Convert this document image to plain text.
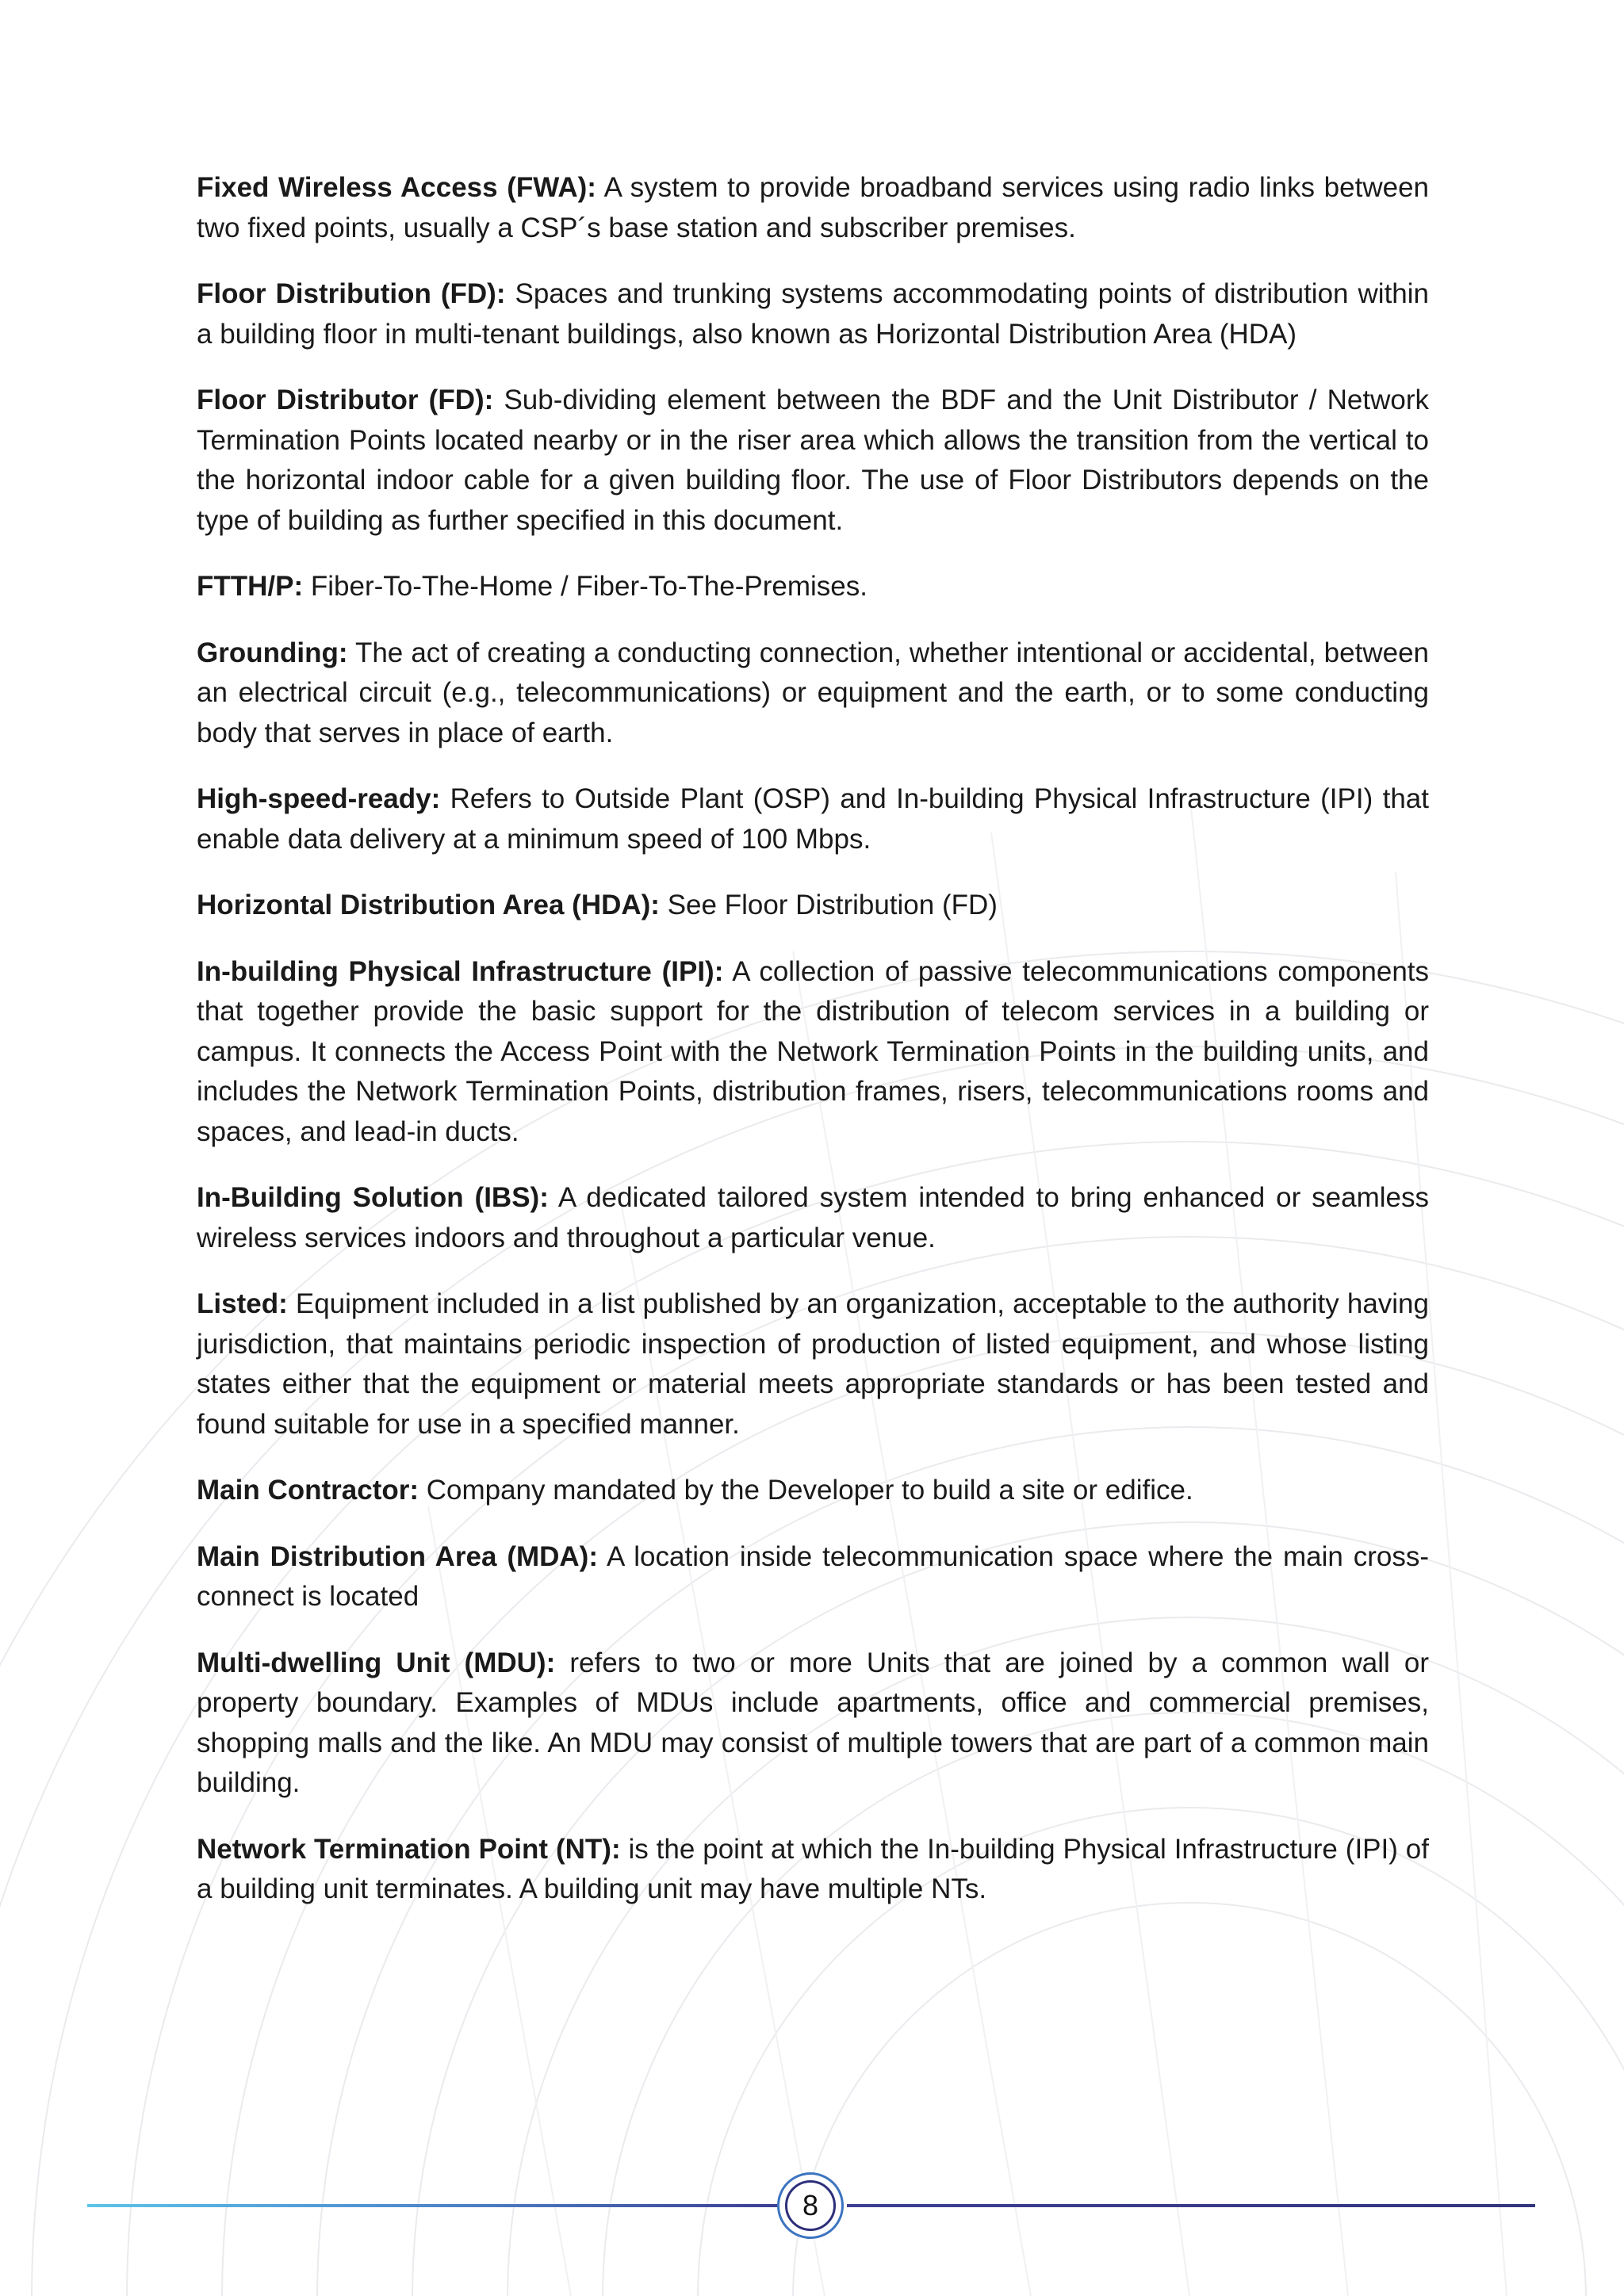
Fixed Wireless Access (FWA): A system to provide broadband services using radio links between two fixed points, usually a CSP´s base station and subscriber premises.

Floor Distribution (FD): Spaces and trunking systems accommodating points of distribution within a building floor in multi-tenant buildings, also known as Horizontal Distribution Area (HDA)

Floor Distributor (FD): Sub-dividing element between the BDF and the Unit Distributor / Network Termination Points located nearby or in the riser area which allows the transition from the vertical to the horizontal indoor cable for a given building floor. The use of Floor Distributors depends on the type of building as further specified in this document.

FTTH/P: Fiber-To-The-Home / Fiber-To-The-Premises.

Grounding: The act of creating a conducting connection, whether intentional or accidental, between an electrical circuit (e.g., telecommunications) or equipment and the earth, or to some conducting body that serves in place of earth.

High-speed-ready: Refers to Outside Plant (OSP) and In-building Physical Infrastructure (IPI) that enable data delivery at a minimum speed of 100 Mbps.

Horizontal Distribution Area (HDA): See Floor Distribution (FD)

In-building Physical Infrastructure (IPI): A collection of passive telecommunications components that together provide the basic support for the distribution of telecom services in a building or campus. It connects the Access Point with the Network Termination Points in the building units, and includes the Network Termination Points, distribution frames, risers, telecommunications rooms and spaces, and lead-in ducts.

In-Building Solution (IBS): A dedicated tailored system intended to bring enhanced or seamless wireless services indoors and throughout a particular venue.

Listed: Equipment included in a list published by an organization, acceptable to the authority having jurisdiction, that maintains periodic inspection of production of listed equipment, and whose listing states either that the equipment or material meets appropriate standards or has been tested and found suitable for use in a specified manner.

Main Contractor: Company mandated by the Developer to build a site or edifice.

Main Distribution Area (MDA): A location inside telecommunication space where the main cross-connect is located

Multi-dwelling Unit (MDU): refers to two or more Units that are joined by a common wall or property boundary. Examples of MDUs include apartments, office and commercial premises, shopping malls and the like. An MDU may consist of multiple towers that are part of a common main building.

Network Termination Point (NT): is the point at which the In-building Physical Infrastructure (IPI) of a building unit terminates. A building unit may have multiple NTs.

8
